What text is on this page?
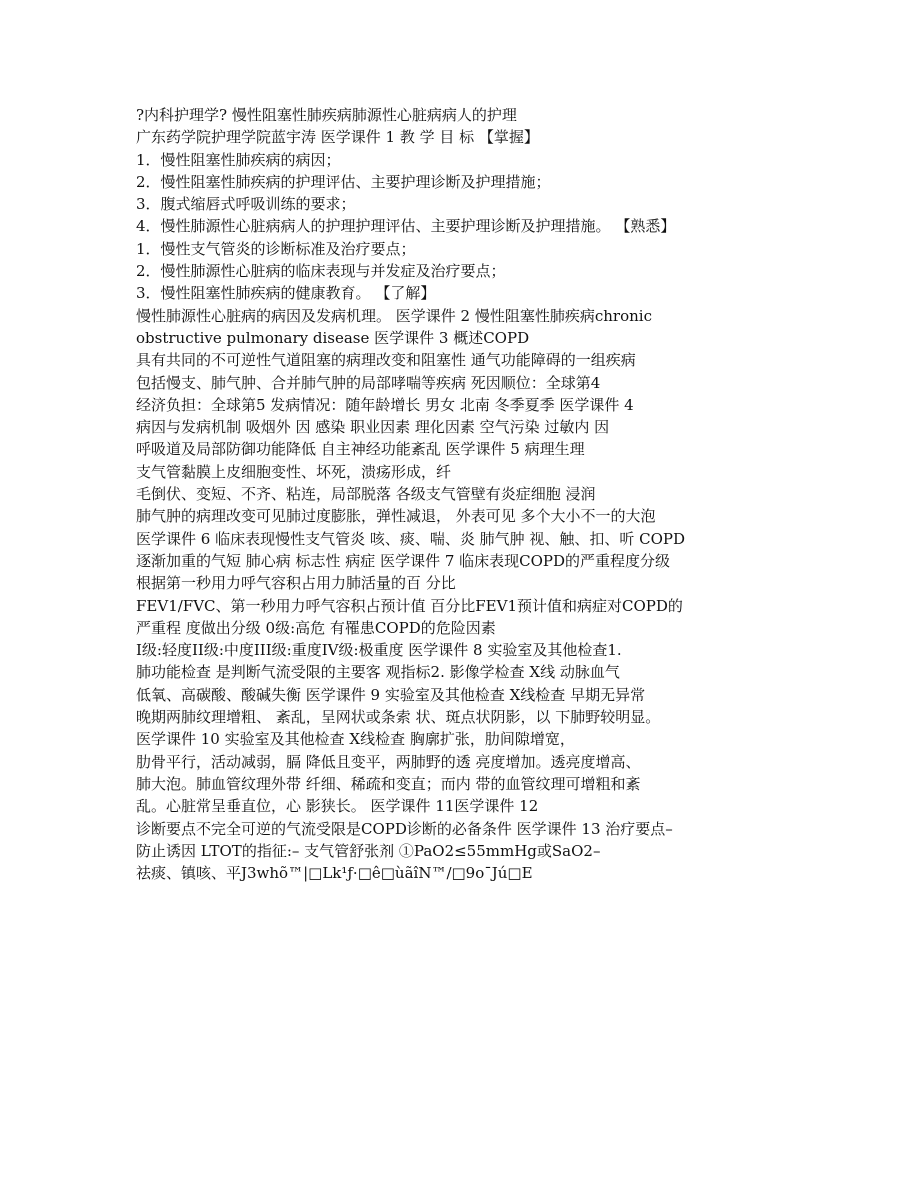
?内科护理学? 慢性阻塞性肺疾病肺源性心脏病病人的护理

广东药学院护理学院蓝宇涛 医学课件 1 教 学 目 标 【掌握】

1．慢性阻塞性肺疾病的病因；

2．慢性阻塞性肺疾病的护理评估、主要护理诊断及护理措施；

3．腹式缩唇式呼吸训练的要求；

4．慢性肺源性心脏病病人的护理护理评估、主要护理诊断及护理措施。 【熟悉】

1．慢性支气管炎的诊断标准及治疗要点；

2．慢性肺源性心脏病的临床表现与并发症及治疗要点；

3．慢性阻塞性肺疾病的健康教育。 【了解】

慢性肺源性心脏病的病因及发病机理。 医学课件 2 慢性阻塞性肺疾病chronic

obstructive pulmonary disease 医学课件 3 概述COPD

具有共同的不可逆性气道阻塞的病理改变和阻塞性 通气功能障碍的一组疾病

包括慢支、肺气肿、合并肺气肿的局部哮喘等疾病 死因顺位：全球第4

经济负担：全球第5 发病情况：随年龄增长 男女 北南 冬季夏季 医学课件 4

病因与发病机制 吸烟外 因 感染 职业因素 理化因素 空气污染 过敏内 因

呼吸道及局部防御功能降低 自主神经功能紊乱 医学课件 5 病理生理

支气管黏膜上皮细胞变性、坏死，溃疡形成，纤

毛倒伏、变短、不齐、粘连，局部脱落 各级支气管壁有炎症细胞 浸润

肺气肿的病理改变可见肺过度膨胀，弹性减退， 外表可见 多个大小不一的大泡

医学课件 6 临床表现慢性支气管炎 咳、痰、喘、炎 肺气肿 视、触、扣、听 COPD

逐渐加重的气短 肺心病 标志性 病症 医学课件 7 临床表现COPD的严重程度分级

根据第一秒用力呼气容积占用力肺活量的百 分比

FEV1/FVC、第一秒用力呼气容积占预计值 百分比FEV1预计值和病症对COPD的

严重程 度做出分级 0级:高危 有罹患COPD的危险因素

I级:轻度II级:中度III级:重度IV级:极重度 医学课件 8 实验室及其他检查1.

肺功能检查 是判断气流受限的主要客 观指标2. 影像学检查 X线 动脉血气

低氧、高碳酸、酸碱失衡 医学课件 9 实验室及其他检查 X线检查 早期无异常

晚期两肺纹理增粗、 紊乱，呈网状或条索 状、斑点状阴影，以 下肺野较明显。

医学课件 10 实验室及其他检查 X线检查 胸廓扩张，肋间隙增宽，

肋骨平行，活动减弱，膈 降低且变平，两肺野的透 亮度增加。透亮度增高、

肺大泡。肺血管纹理外带 纤细、稀疏和变直；而内 带的血管纹理可增粗和紊

乱。心脏常呈垂直位，心 影狭长。 医学课件 11医学课件 12

诊断要点不完全可逆的气流受限是COPD诊断的必备条件 医学课件 13 治疗要点–

防止诱因 LTOT的指征:– 支气管舒张剂 ①PaO2≤55mmHg或SaO2–

祛痰、镇咳、平J3whõ™|□Lk¹ƒ·□ê□ùãîN™/□9o¯Jú□E
